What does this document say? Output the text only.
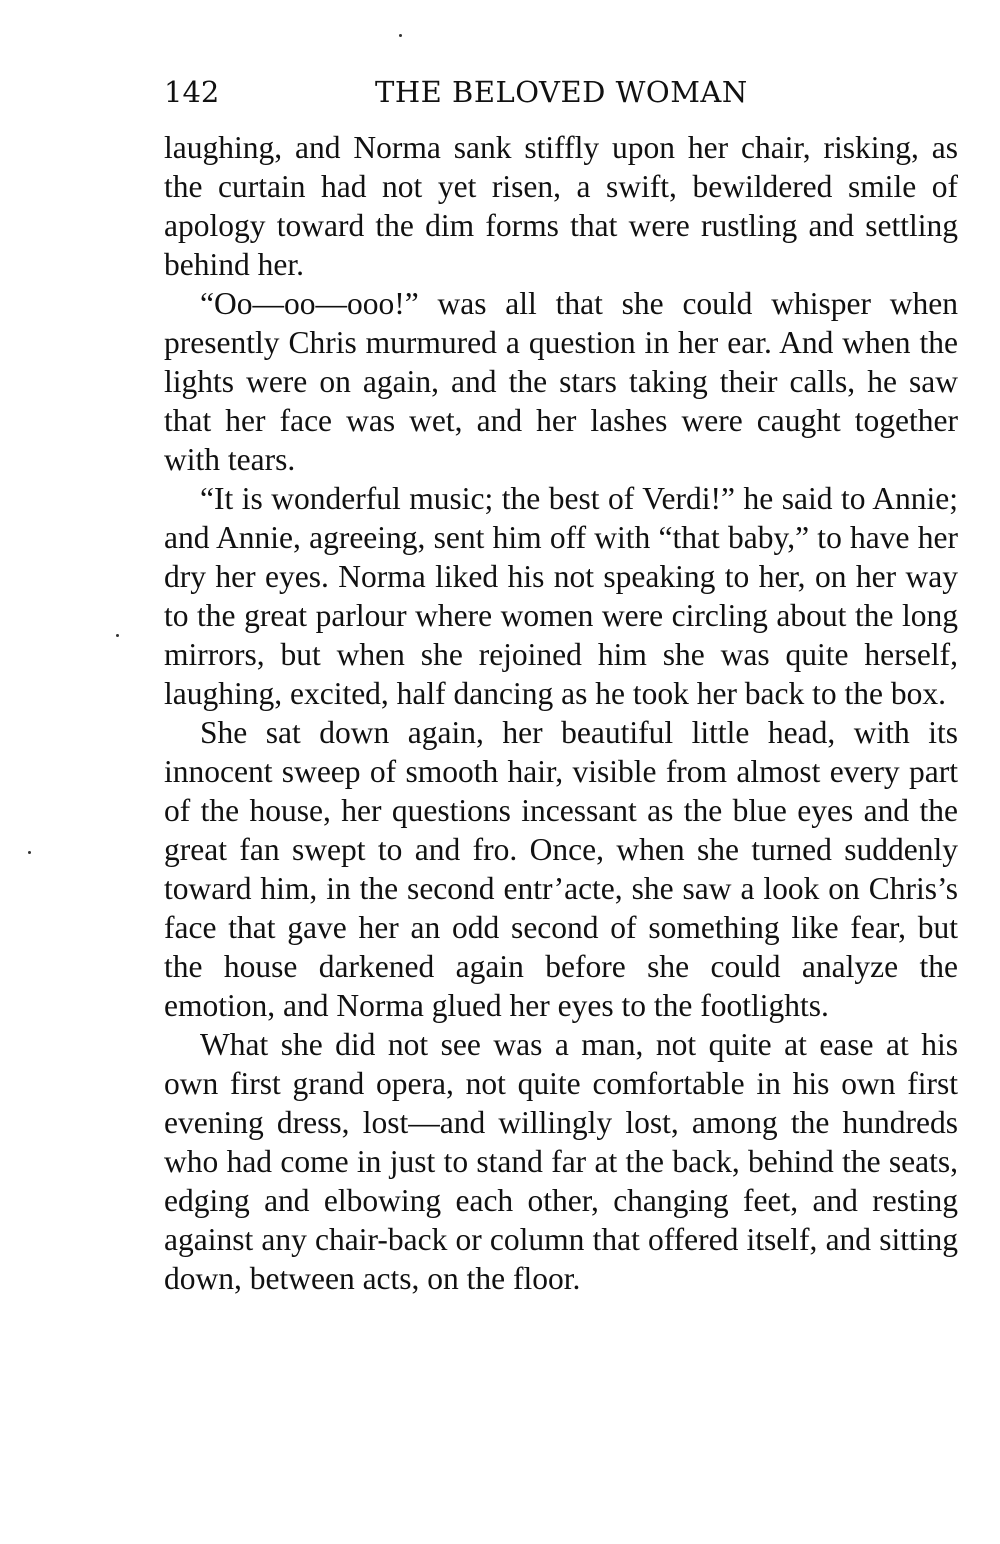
142	THE BELOVED WOMAN

laughing, and Norma sank stiffly upon her chair, risking, as the curtain had not yet risen, a swift, bewildered smile of apology toward the dim forms that were rustling and settling behind her.

“Oo—oo—ooo!” was all that she could whisper when presently Chris murmured a question in her ear. And when the lights were on again, and the stars taking their calls, he saw that her face was wet, and her lashes were caught together with tears.

“It is wonderful music; the best of Verdi!” he said to Annie; and Annie, agreeing, sent him off with “that baby,” to have her dry her eyes. Norma liked his not speaking to her, on her way to the great parlour where women were circling about the long mirrors, but when she rejoined him she was quite herself, laughing, excited, half dancing as he took her back to the box.

She sat down again, her beautiful little head, with its innocent sweep of smooth hair, visible from almost every part of the house, her questions incessant as the blue eyes and the great fan swept to and fro. Once, when she turned suddenly toward him, in the second entr’acte, she saw a look on Chris’s face that gave her an odd second of something like fear, but the house darkened again before she could analyze the emotion, and Norma glued her eyes to the footlights.

What she did not see was a man, not quite at ease at his own first grand opera, not quite comfortable in his own first evening dress, lost—and willingly lost, among the hundreds who had come in just to stand far at the back, behind the seats, edging and elbowing each other, changing feet, and resting against any chair-back or column that offered itself, and sitting down, between acts, on the floor.
